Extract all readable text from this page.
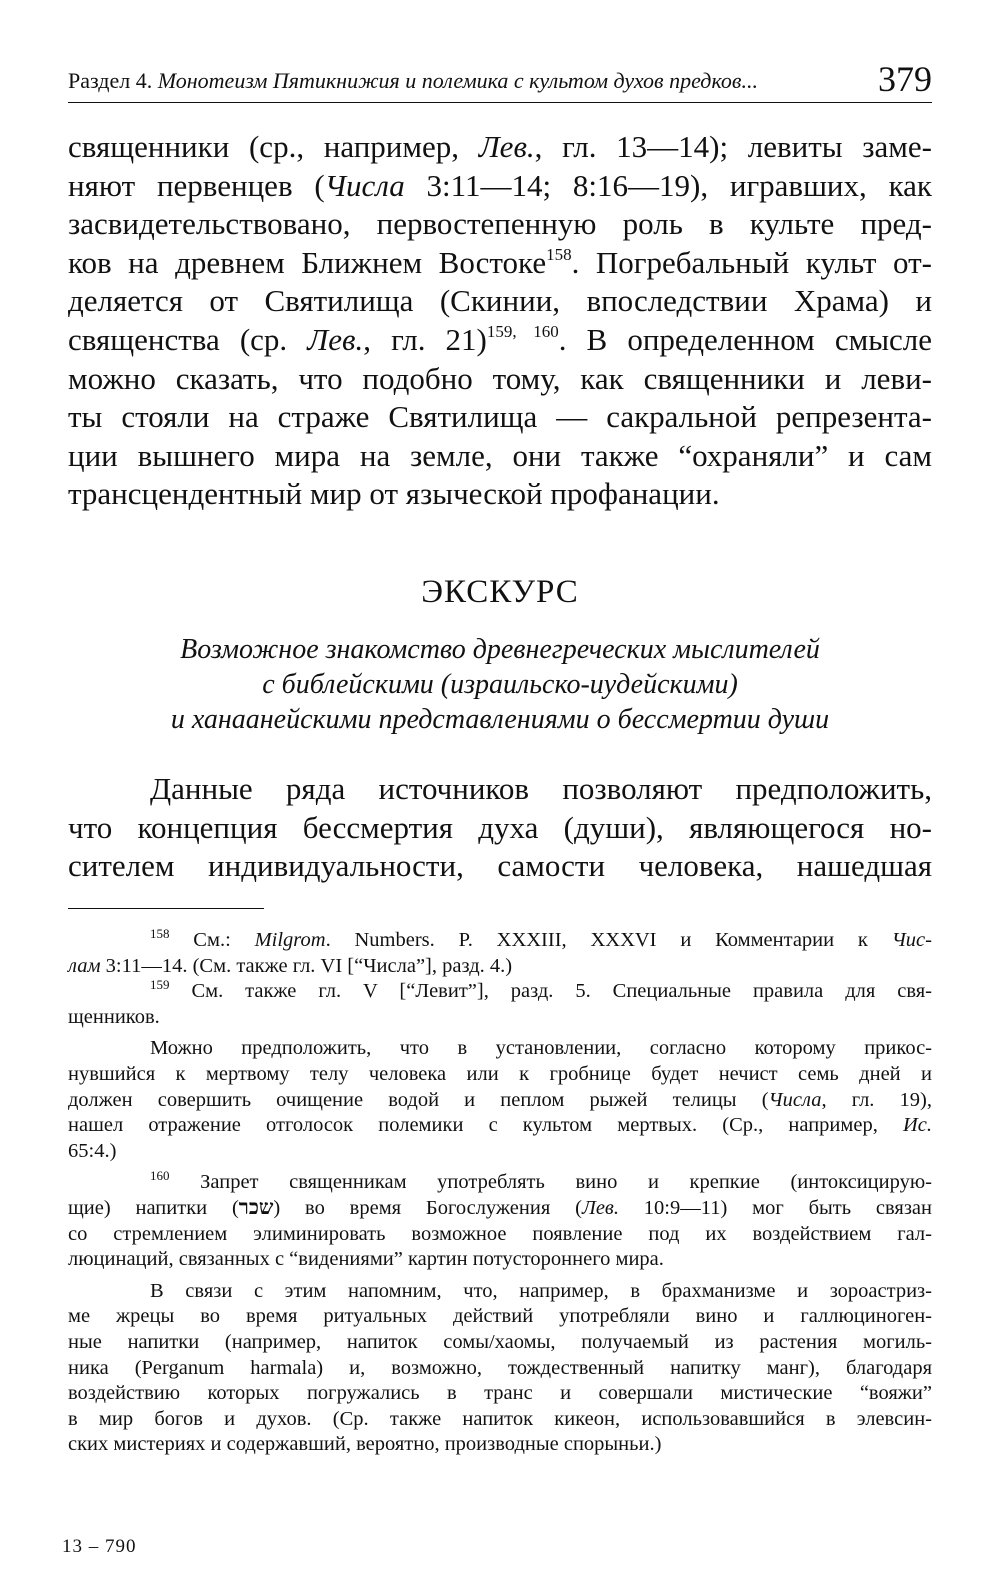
Раздел 4. Монотеизм Пятикнижия и полемика с культом духов предков...	379
священники (ср., например, Лев., гл. 13—14); левиты заме-
няют первенцев (Числа 3:11—14; 8:16—19), игравших, как
засвидетельствовано, первостепенную роль в культе пред-
ков на древнем Ближнем Востоке$^{158}$. Погребальный культ от-
деляется от Святилища (Скинии, впоследствии Храма) и
священства (ср. Лев., гл. 21)$^{159, 160}$. В определенном смысле
можно сказать, что подобно тому, как священники и леви-
ты стояли на страже Святилища — сакральной репрезента-
ции вышнего мира на земле, они также “охраняли” и сам
трансцендентный мир от языческой профанации.
ЭКСКУРС
Возможное знакомство древнегреческих мыслителей
с библейскими (израильско-иудейскими)
и ханаанейскими представлениями о бессмертии души
Данные ряда источников позволяют предположить,
что концепция бессмертия духа (души), являющегося но-
сителем индивидуальности, самости человека, нашедшая
$^{158}$ См.: Milgrom. Numbers. P. XXXIII, XXXVI и Комментарии к Чис-
лам 3:11—14. (См. также гл. VI [“Числа”], разд. 4.)
$^{159}$ См. также гл. V [“Левит”], разд. 5. Специальные правила для свя-
щенников.
Можно предположить, что в установлении, согласно которому прикос-
нувшийся к мертвому телу человека или к гробнице будет нечист семь дней и
должен совершить очищение водой и пеплом рыжей телицы (Числа, гл. 19),
нашел отражение отголосок полемики с культом мертвых. (Ср., например, Ис.
65:4.)
$^{160}$ Запрет священникам употреблять вино и крепкие (интоксицирую-
щие) напитки (שכר) во время Богослужения (Лев. 10:9—11) мог быть связан
со стремлением элиминировать возможное появление под их воздействием гал-
люцинаций, связанных с “видениями” картин потустороннего мира.
В связи с этим напомним, что, например, в брахманизме и зороастриз-
ме жрецы во время ритуальных действий употребляли вино и галлюциноген-
ные напитки (например, напиток сомы/хаомы, получаемый из растения могиль-
ника (Perganum harmala) и, возможно, тождественный напитку манг), благодаря
воздействию которых погружались в транс и совершали мистические “вояжи”
в мир богов и духов. (Ср. также напиток кикеон, использовавшийся в элевсин-
ских мистериях и содержавший, вероятно, производные спорыньи.)
13 – 790
